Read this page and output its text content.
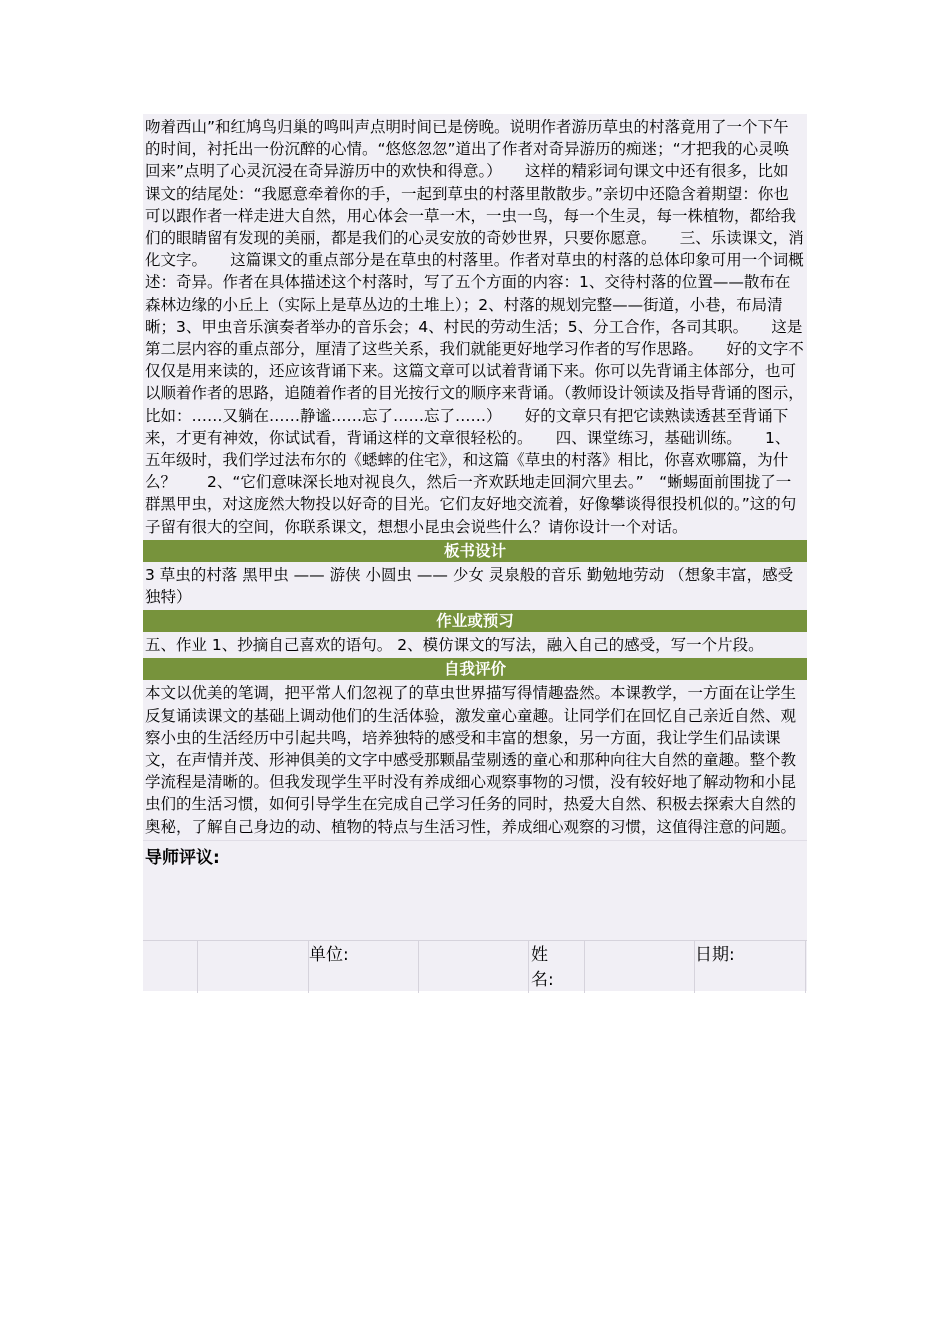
吻着西山”和红鸠鸟归巢的鸣叫声点明时间已是傍晚。说明作者游历草虫的村落竟用了一个下午的时间，衬托出一份沉醉的心情。“悠悠忽忽”道出了作者对奇异游历的痴迷；“才把我的心灵唤回来”点明了心灵沉浸在奇异游历中的欢快和得意。）　　这样的精彩词句课文中还有很多，比如课文的结尾处：“我愿意牵着你的手，一起到草虫的村落里散散步。”亲切中还隐含着期望：你也可以跟作者一样走进大自然，用心体会一草一木，一虫一鸟，每一个生灵，每一株植物，都给我们的眼睛留有发现的美丽，都是我们的心灵安放的奇妙世界，只要你愿意。　　三、乐读课文，消化文字。　　这篇课文的重点部分是在草虫的村落里。作者对草虫的村落的总体印象可用一个词概述：奇异。作者在具体描述这个村落时，写了五个方面的内容：1、交待村落的位置——散布在森林边缘的小丘上（实际上是草丛边的土堆上）；2、村落的规划完整——街道，小巷，布局清晰；3、甲虫音乐演奏者举办的音乐会；4、村民的劳动生活；5、分工合作，各司其职。　　这是第二层内容的重点部分，厘清了这些关系，我们就能更好地学习作者的写作思路。　　好的文字不仅仅是用来读的，还应该背诵下来。这篇文章可以试着背诵下来。你可以先背诵主体部分，也可以顺着作者的思路，追随着作者的目光按行文的顺序来背诵。（教师设计领读及指导背诵的图示，比如：……又躺在……静谧……忘了……忘了……）　　好的文章只有把它读熟读透甚至背诵下来，才更有神效，你试试看，背诵这样的文章很轻松的。　　四、课堂练习，基础训练。　　1、五年级时，我们学过法布尔的《蟋蟀的住宅》，和这篇《草虫的村落》相比，你喜欢哪篇，为什么？　　2、“它们意味深长地对视良久，然后一齐欢跃地走回洞穴里去。”　“蜥蜴面前围拢了一群黑甲虫，对这庞然大物投以好奇的目光。它们友好地交流着，好像攀谈得很投机似的。”这的句子留有很大的空间，你联系课文，想想小昆虫会说些什么？请你设计一个对话。
板书设计
3 草虫的村落 黑甲虫 —— 游侠 小圆虫 —— 少女 灵泉般的音乐 勤勉地劳动 （想象丰富，感受独特）
作业或预习
五、作业 1、抄摘自己喜欢的语句。 2、模仿课文的写法，融入自己的感受，写一个片段。
自我评价
本文以优美的笔调，把平常人们忽视了的草虫世界描写得情趣盎然。本课教学，一方面在让学生反复诵读课文的基础上调动他们的生活体验，激发童心童趣。让同学们在回忆自己亲近自然、观察小虫的生活经历中引起共鸣，培养独特的感受和丰富的想象，另一方面，我让学生们品读课文，在声情并茂、形神俱美的文字中感受那颗晶莹剔透的童心和那种向往大自然的童趣。整个教学流程是清晰的。但我发现学生平时没有养成细心观察事物的习惯，没有较好地了解动物和小昆虫们的生活习惯，如何引导学生在完成自己学习任务的同时，热爱大自然、积极去探索大自然的奥秘，了解自己身边的动、植物的特点与生活习性，养成细心观察的习惯，这值得注意的问题。
导师评议:
单位:	姓名:
日期:
